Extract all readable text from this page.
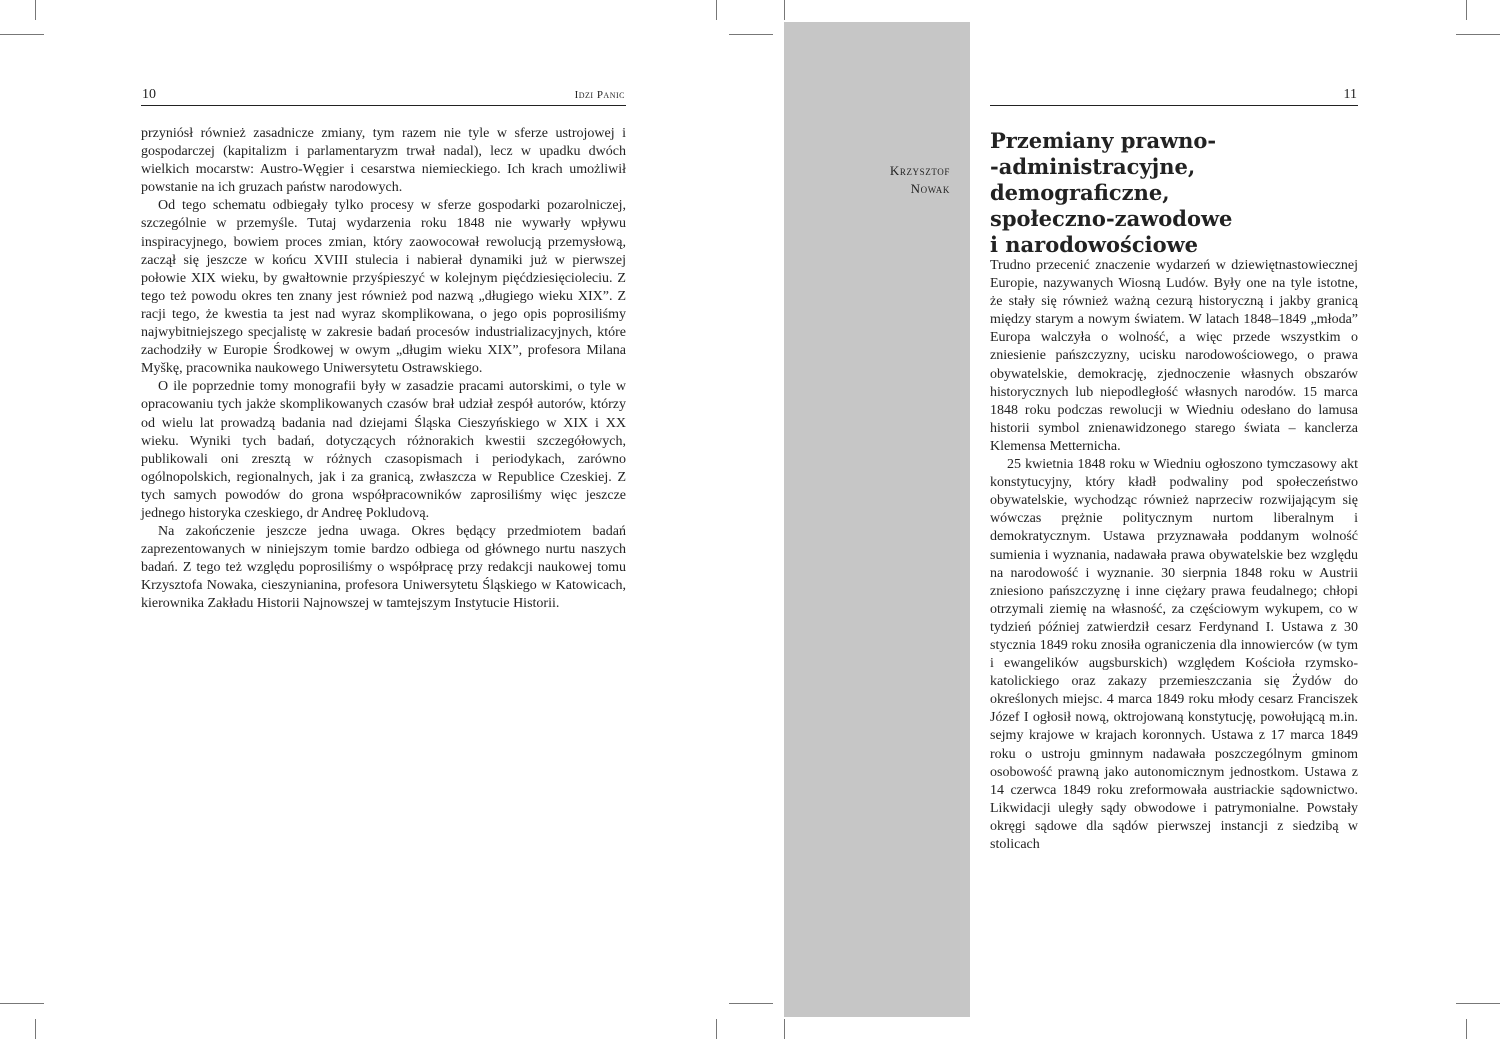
10	Idzi Panic

przyniósł również zasadnicze zmiany, tym razem nie tyle w sferze ustrojowej i gospodarczej (kapitalizm i parlamentaryzm trwał nadal), lecz w upadku dwóch wielkich mocarstw: Austro-Węgier i cesarstwa niemieckiego. Ich krach umożliwił powstanie na ich gruzach państw narodowych.

Od tego schematu odbiegały tylko procesy w sferze gospodarki pozarolniczej, szczególnie w przemyśle. Tutaj wydarzenia roku 1848 nie wywarły wpływu inspiracyjnego, bowiem proces zmian, który zaowocował rewolucją przemysłową, zaczął się jeszcze w końcu XVIII stulecia i nabierał dynamiki już w pierwszej połowie XIX wieku, by gwałtownie przyśpieszyć w kolejnym pięćdziesięcioleciu. Z tego też powodu okres ten znany jest również pod nazwą „długiego wieku XIX”. Z racji tego, że kwestia ta jest nad wyraz skomplikowana, o jego opis poprosiliśmy najwybitniejszego specjalistę w zakresie badań procesów industrializacyjnych, które zachodziły w Europie Środkowej w owym „długim wieku XIX”, profesora Milana Myškę, pracownika naukowego Uniwersytetu Ostrawskiego.

O ile poprzednie tomy monografii były w zasadzie pracami autorskimi, o tyle w opracowaniu tych jakże skomplikowanych czasów brał udział zespół autorów, którzy od wielu lat prowadzą badania nad dziejami Śląska Cieszyńskiego w XIX i XX wieku. Wyniki tych badań, dotyczących różnorakich kwestii szczegółowych, publikowali oni zresztą w różnych czasopismach i periodykach, zarówno ogólnopolskich, regionalnych, jak i za granicą, zwłaszcza w Republice Czeskiej. Z tych samych powodów do grona współpracowników zaprosiliśmy więc jeszcze jednego historyka czeskiego, dr Andreę Pokludovą.

Na zakończenie jeszcze jedna uwaga. Okres będący przedmiotem badań zaprezentowanych w niniejszym tomie bardzo odbiega od głównego nurtu naszych badań. Z tego też względu poprosiliśmy o współpracę przy redakcji naukowej tomu Krzysztofa Nowaka, cieszynianina, profesora Uniwersytetu Śląskiego w Katowicach, kierownika Zakładu Historii Najnowszej w tamtejszym Instytucie Historii.

11
Krzysztof
Nowak
Przemiany prawno-
-administracyjne, demograficzne,
społeczno-zawodowe
i narodowościowe

Trudno przecenić znaczenie wydarzeń w dziewiętnastowiecznej Europie, nazywanych Wiosną Ludów. Były one na tyle istotne, że stały się również ważną cezurą historyczną i jakby granicą między starym a nowym światem. W latach 1848–1849 „młoda” Europa walczyła o wolność, a więc przede wszystkim o zniesienie pańszczyzny, ucisku narodowościowego, o prawa obywatelskie, demokrację, zjednoczenie własnych obszarów historycznych lub niepodległość własnych narodów. 15 marca 1848 roku podczas rewolucji w Wiedniu odesłano do lamusa historii symbol znienawidzonego starego świata – kanclerza Klemensa Metternicha.

25 kwietnia 1848 roku w Wiedniu ogłoszono tymczasowy akt konstytucyjny, który kładł podwaliny pod społeczeństwo obywatelskie, wychodząc również naprzeciw rozwijającym się wówczas prężnie politycznym nurtom liberalnym i demokratycznym. Ustawa przyznawała poddanym wolność sumienia i wyznania, nadawała prawa obywatelskie bez względu na narodowość i wyznanie. 30 sierpnia 1848 roku w Austrii zniesiono pańszczyznę i inne ciężary prawa feudalnego; chłopi otrzymali ziemię na własność, za częściowym wykupem, co w tydzień później zatwierdził cesarz Ferdynand I. Ustawa z 30 stycznia 1849 roku znosiła ograniczenia dla innowierców (w tym i ewangelików augsburskich) względem Kościoła rzymsko-katolickiego oraz zakazy przemieszczania się Żydów do określonych miejsc. 4 marca 1849 roku młody cesarz Franciszek Józef I ogłosił nową, oktrojowaną konstytucję, powołującą m.in. sejmy krajowe w krajach koronnych. Ustawa z 17 marca 1849 roku o ustroju gminnym nadawała poszczególnym gminom osobowość prawną jako autonomicznym jednostkom. Ustawa z 14 czerwca 1849 roku zreformowała austriackie sądownictwo. Likwidacji uległy sądy obwodowe i patrymonialne. Powstały okręgi sądowe dla sądów pierwszej instancji z siedzibą w stolicach
